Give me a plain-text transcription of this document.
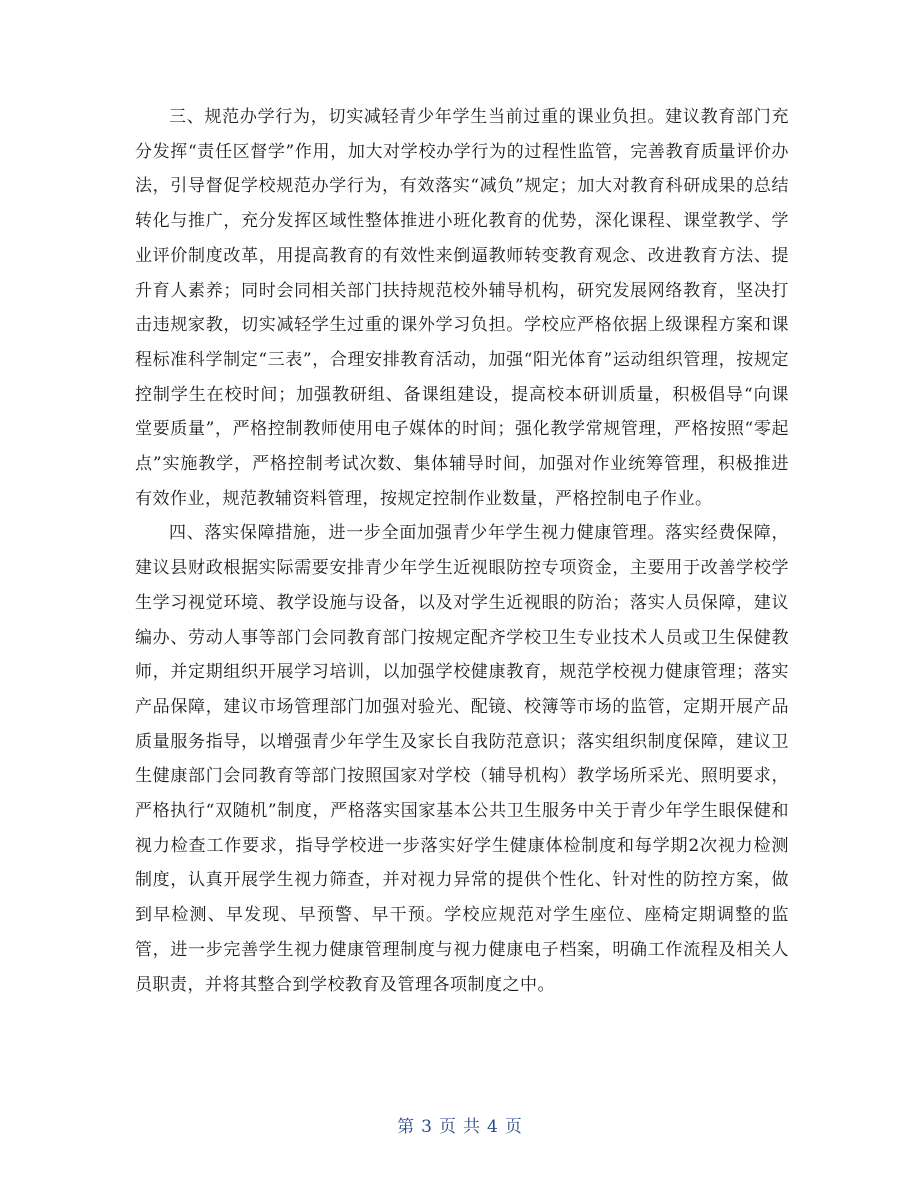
三、规范办学行为，切实减轻青少年学生当前过重的课业负担。建议教育部门充分发挥“责任区督学”作用，加大对学校办学行为的过程性监管，完善教育质量评价办法，引导督促学校规范办学行为，有效落实“减负”规定；加大对教育科研成果的总结转化与推广，充分发挥区域性整体推进小班化教育的优势，深化课程、课堂教学、学业评价制度改革，用提高教育的有效性来倒逼教师转变教育观念、改进教育方法、提升育人素养；同时会同相关部门扶持规范校外辅导机构，研究发展网络教育，坚决打击违规家教，切实减轻学生过重的课外学习负担。学校应严格依据上级课程方案和课程标准科学制定“三表”，合理安排教育活动，加强“阳光体育”运动组织管理，按规定控制学生在校时间；加强教研组、备课组建设，提高校本研训质量，积极倡导“向课堂要质量”，严格控制教师使用电子媒体的时间；强化教学常规管理，严格按照“零起点”实施教学，严格控制考试次数、集体辅导时间，加强对作业统筹管理，积极推进有效作业，规范教辅资料管理，按规定控制作业数量，严格控制电子作业。

四、落实保障措施，进一步全面加强青少年学生视力健康管理。落实经费保障，建议县财政根据实际需要安排青少年学生近视眼防控专项资金，主要用于改善学校学生学习视觉环境、教学设施与设备，以及对学生近视眼的防治；落实人员保障，建议编办、劳动人事等部门会同教育部门按规定配齐学校卫生专业技术人员或卫生保健教师，并定期组织开展学习培训，以加强学校健康教育，规范学校视力健康管理；落实产品保障，建议市场管理部门加强对验光、配镜、校簿等市场的监管，定期开展产品质量服务指导，以增强青少年学生及家长自我防范意识；落实组织制度保障，建议卫生健康部门会同教育等部门按照国家对学校（辅导机构）教学场所采光、照明要求，严格执行“双随机”制度，严格落实国家基本公共卫生服务中关于青少年学生眼保健和视力检查工作要求，指导学校进一步落实好学生健康体检制度和每学期2次视力检测制度，认真开展学生视力筛查，并对视力异常的提供个性化、针对性的防控方案，做到早检测、早发现、早预警、早干预。学校应规范对学生座位、座椅定期调整的监管，进一步完善学生视力健康管理制度与视力健康电子档案，明确工作流程及相关人员职责，并将其整合到学校教育及管理各项制度之中。

第 3 页 共 4 页
